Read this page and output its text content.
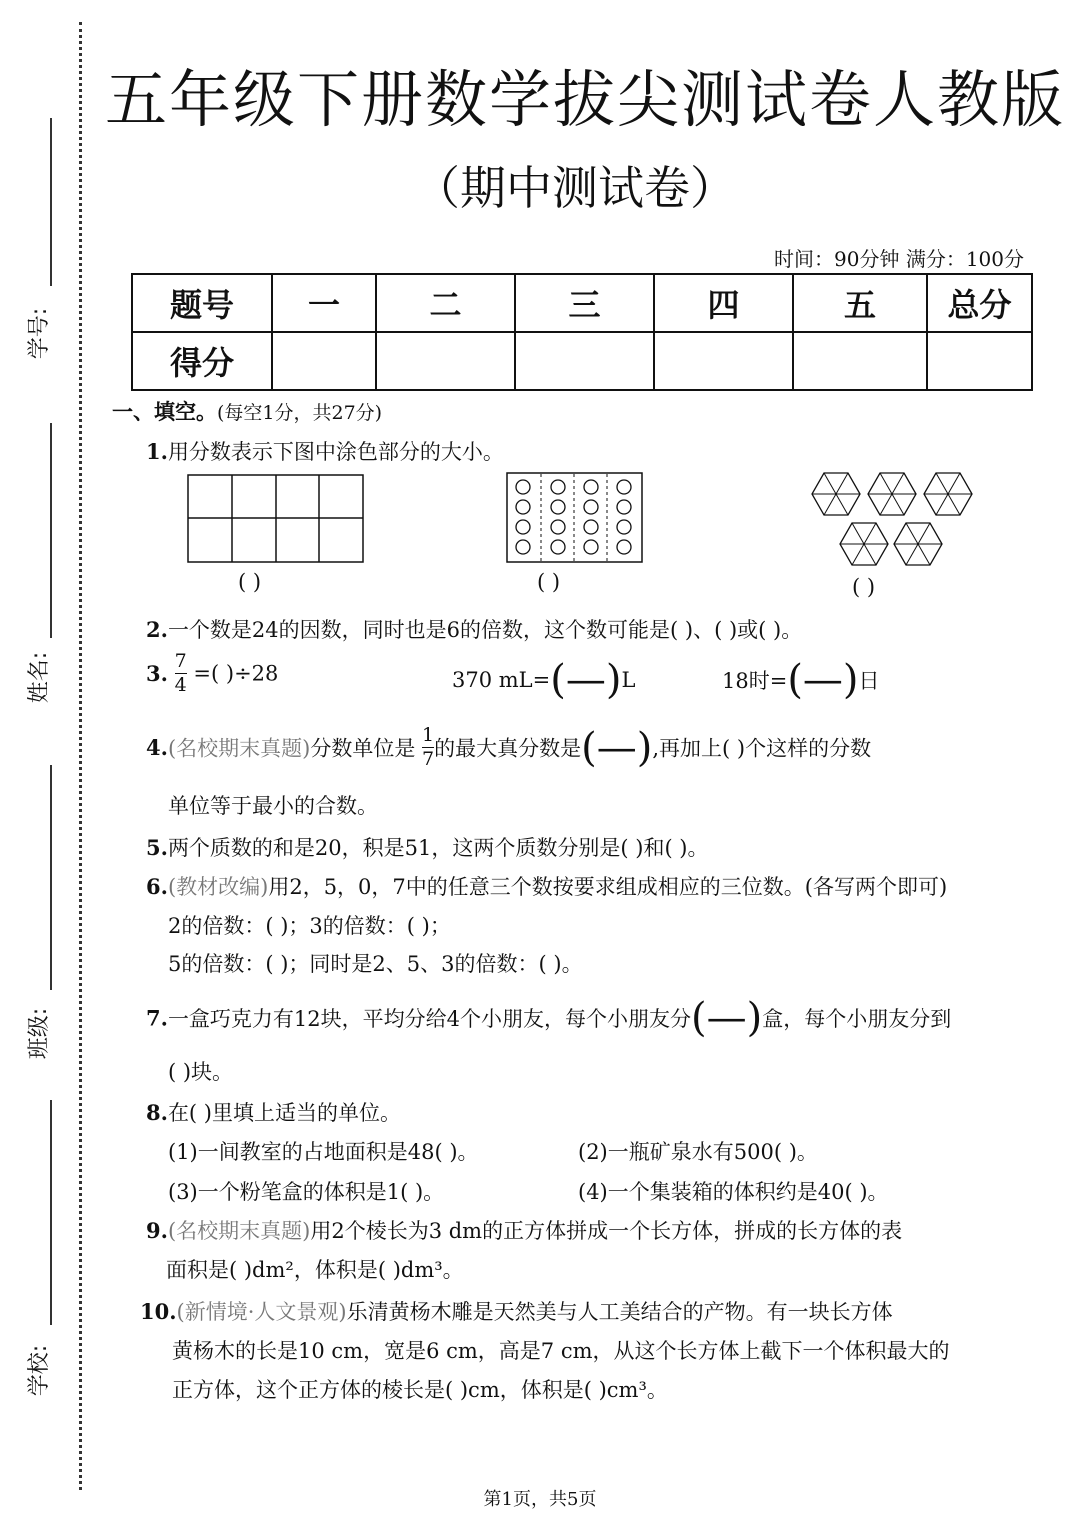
学号:
姓名:
班级:
学校:
五年级下册数学拔尖测试卷人教版
（期中测试卷）
时间：90分钟 满分：100分
题号	一	二	三	四	五	总分
得分						
一、填空。(每空1分，共27分)
1.用分数表示下图中涂色部分的大小。
( )	( )	( )
2.一个数是24的因数，同时也是6的倍数，这个数可能是( )、( )或( )。
3. $\frac{7}{4}$ =( )÷28	370 mL=(—)L	18时=(—)日
4.(名校期末真题)分数单位是 $\frac{1}{7}$ 的最大真分数是(—),再加上( )个这样的分数
单位等于最小的合数。
5.两个质数的和是20，积是51，这两个质数分别是( )和( )。
6.(教材改编)用2，5，0，7中的任意三个数按要求组成相应的三位数。(各写两个即可)
2的倍数：( )；3的倍数：( )；
5的倍数：( )；同时是2、5、3的倍数：( )。
7.一盒巧克力有12块，平均分给4个小朋友，每个小朋友分(—)盒，每个小朋友分到
( )块。
8.在( )里填上适当的单位。
(1)一间教室的占地面积是48( )。	(2)一瓶矿泉水有500( )。
(3)一个粉笔盒的体积是1( )。	(4)一个集装箱的体积约是40( )。
9.(名校期末真题)用2个棱长为3 dm的正方体拼成一个长方体，拼成的长方体的表
面积是( )dm²，体积是( )dm³。
10.(新情境·人文景观)乐清黄杨木雕是天然美与人工美结合的产物。有一块长方体
黄杨木的长是10 cm，宽是6 cm，高是7 cm，从这个长方体上截下一个体积最大的
正方体，这个正方体的棱长是( )cm，体积是( )cm³。
第1页，共5页
